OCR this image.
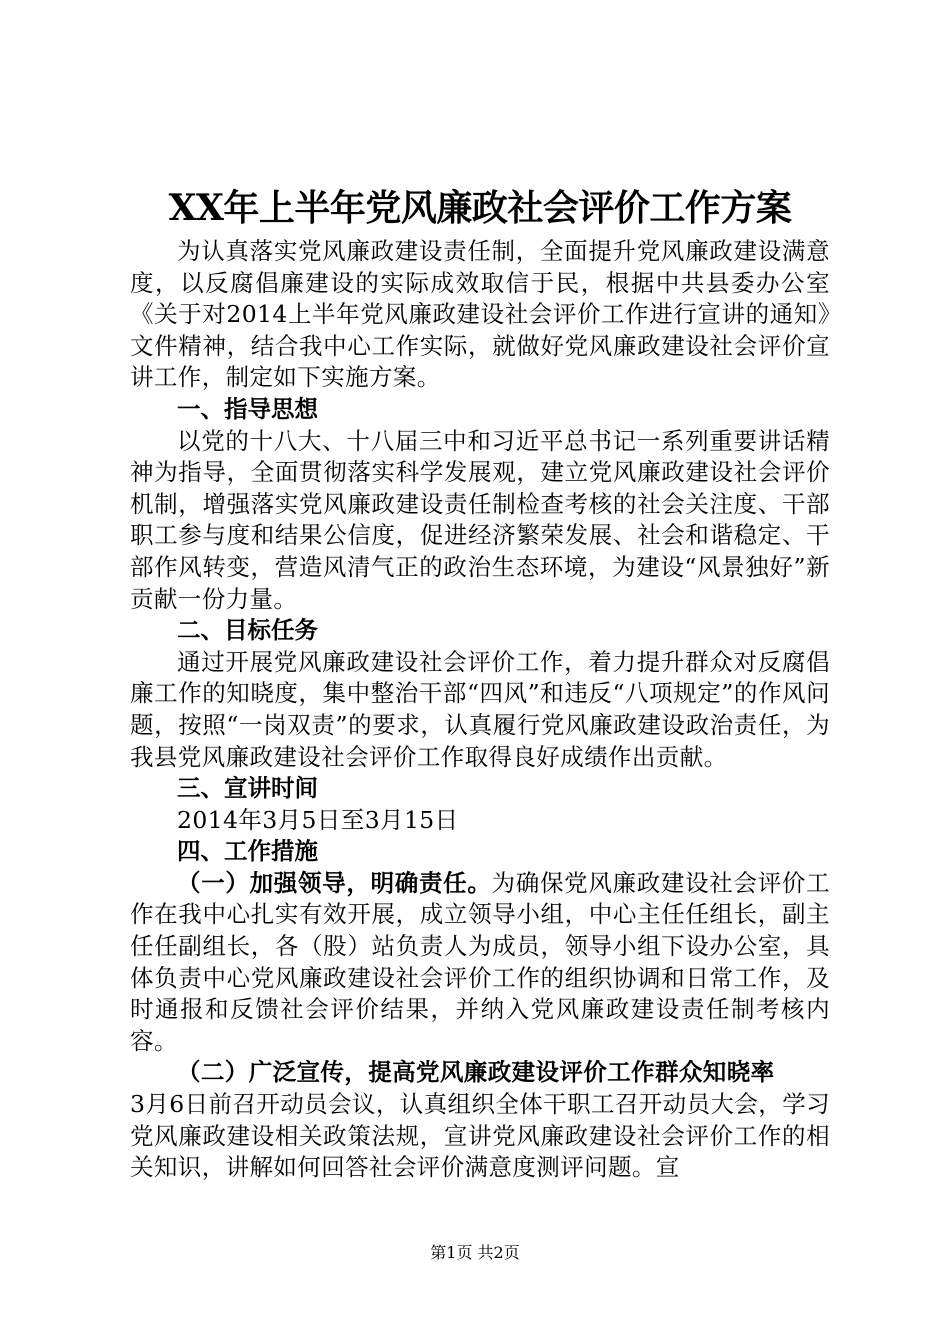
XX年上半年党风廉政社会评价工作方案

为认真落实党风廉政建设责任制，全面提升党风廉政建设满意度，以反腐倡廉建设的实际成效取信于民，根据中共县委办公室《关于对2014上半年党风廉政建设社会评价工作进行宣讲的通知》文件精神，结合我中心工作实际，就做好党风廉政建设社会评价宣讲工作，制定如下实施方案。

一、指导思想

以党的十八大、十八届三中和习近平总书记一系列重要讲话精神为指导，全面贯彻落实科学发展观，建立党风廉政建设社会评价机制，增强落实党风廉政建设责任制检查考核的社会关注度、干部职工参与度和结果公信度，促进经济繁荣发展、社会和谐稳定、干部作风转变，营造风清气正的政治生态环境，为建设“风景独好”新贡献一份力量。

二、目标任务

通过开展党风廉政建设社会评价工作，着力提升群众对反腐倡廉工作的知晓度，集中整治干部“四风”和违反“八项规定”的作风问题，按照“一岗双责”的要求，认真履行党风廉政建设政治责任，为我县党风廉政建设社会评价工作取得良好成绩作出贡献。

三、宣讲时间

2014年3月5日至3月15日

四、工作措施

（一）加强领导，明确责任。为确保党风廉政建设社会评价工作在我中心扎实有效开展，成立领导小组，中心主任任组长，副主任任副组长，各（股）站负责人为成员，领导小组下设办公室，具体负责中心党风廉政建设社会评价工作的组织协调和日常工作，及时通报和反馈社会评价结果，并纳入党风廉政建设责任制考核内容。

（二）广泛宣传，提高党风廉政建设评价工作群众知晓率

3月6日前召开动员会议，认真组织全体干职工召开动员大会，学习党风廉政建设相关政策法规，宣讲党风廉政建设社会评价工作的相关知识，讲解如何回答社会评价满意度测评问题。宣

第1页 共2页
